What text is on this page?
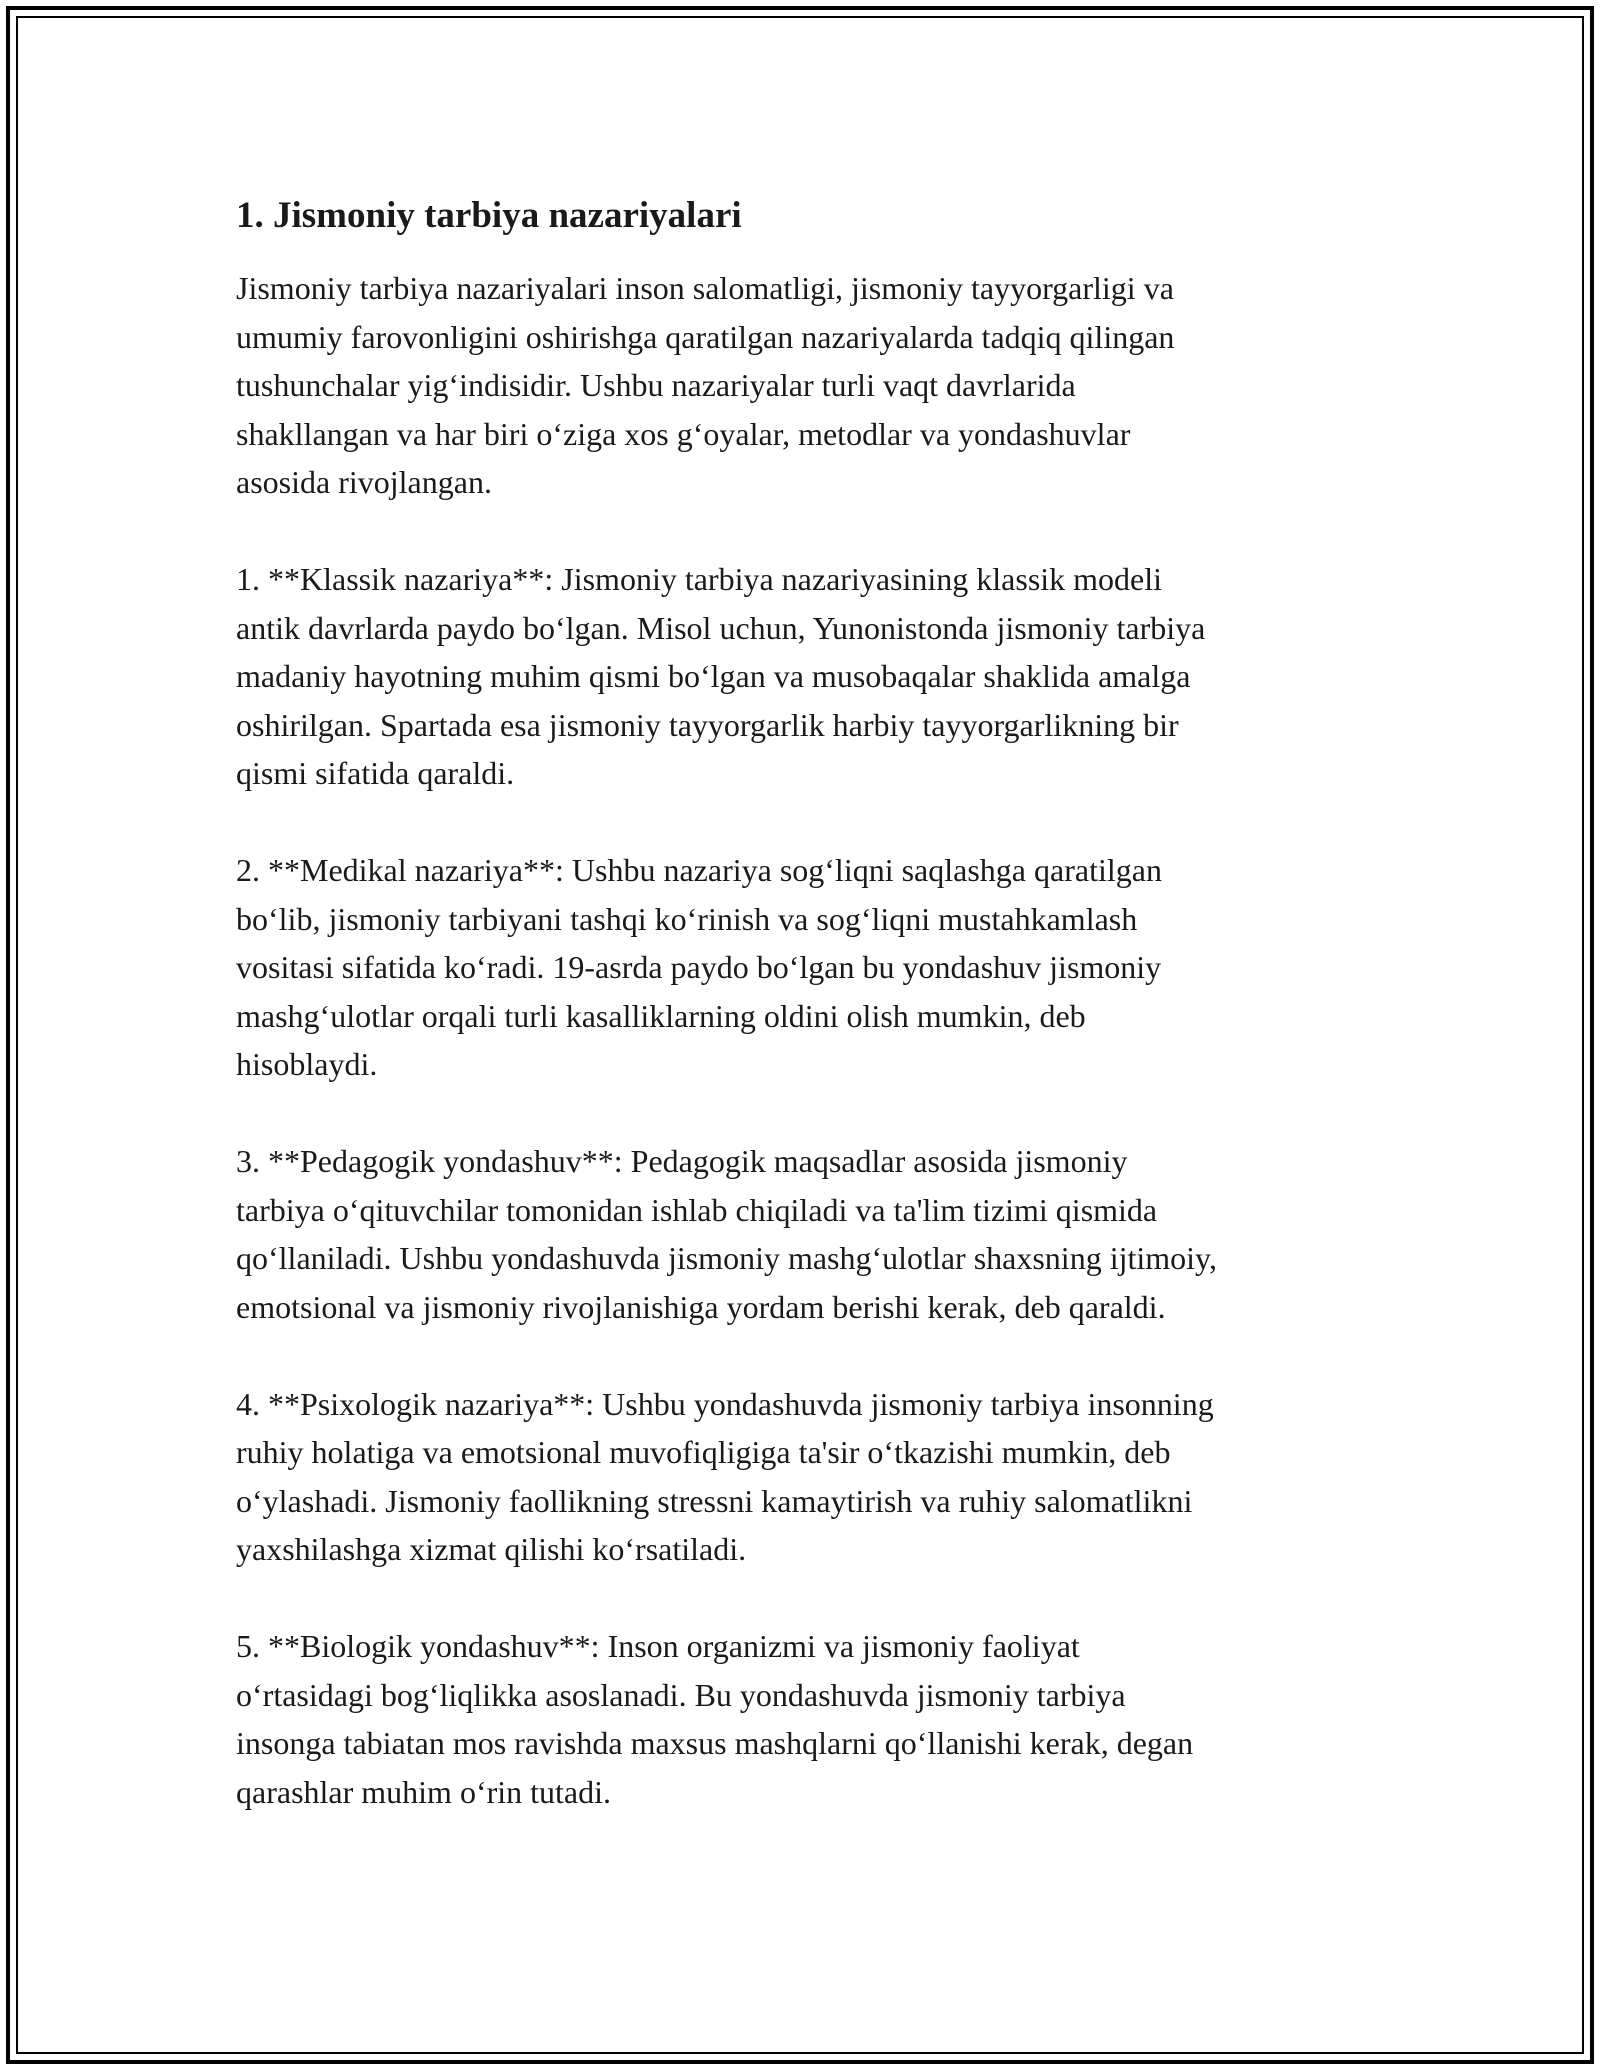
1. Jismoniy tarbiya nazariyalari

Jismoniy tarbiya nazariyalari inson salomatligi, jismoniy tayyorgarligi va
umumiy farovonligini oshirishga qaratilgan nazariyalarda tadqiq qilingan
tushunchalar yig‘indisidir. Ushbu nazariyalar turli vaqt davrlarida
shakllangan va har biri o‘ziga xos g‘oyalar, metodlar va yondashuvlar
asosida rivojlangan.

1. **Klassik nazariya**: Jismoniy tarbiya nazariyasining klassik modeli
antik davrlarda paydo bo‘lgan. Misol uchun, Yunonistonda jismoniy tarbiya
madaniy hayotning muhim qismi bo‘lgan va musobaqalar shaklida amalga
oshirilgan. Spartada esa jismoniy tayyorgarlik harbiy tayyorgarlikning bir
qismi sifatida qaraldi.

2. **Medikal nazariya**: Ushbu nazariya sog‘liqni saqlashga qaratilgan
bo‘lib, jismoniy tarbiyani tashqi ko‘rinish va sog‘liqni mustahkamlash
vositasi sifatida ko‘radi. 19-asrda paydo bo‘lgan bu yondashuv jismoniy
mashg‘ulotlar orqali turli kasalliklarning oldini olish mumkin, deb
hisoblaydi.

3. **Pedagogik yondashuv**: Pedagogik maqsadlar asosida jismoniy
tarbiya o‘qituvchilar tomonidan ishlab chiqiladi va ta'lim tizimi qismida
qo‘llaniladi. Ushbu yondashuvda jismoniy mashg‘ulotlar shaxsning ijtimoiy,
emotsional va jismoniy rivojlanishiga yordam berishi kerak, deb qaraldi.

4. **Psixologik nazariya**: Ushbu yondashuvda jismoniy tarbiya insonning
ruhiy holatiga va emotsional muvofiqligiga ta'sir o‘tkazishi mumkin, deb
o‘ylashadi. Jismoniy faollikning stressni kamaytirish va ruhiy salomatlikni
yaxshilashga xizmat qilishi ko‘rsatiladi.

5. **Biologik yondashuv**: Inson organizmi va jismoniy faoliyat
o‘rtasidagi bog‘liqlikka asoslanadi. Bu yondashuvda jismoniy tarbiya
insonga tabiatan mos ravishda maxsus mashqlarni qo‘llanishi kerak, degan
qarashlar muhim o‘rin tutadi.
